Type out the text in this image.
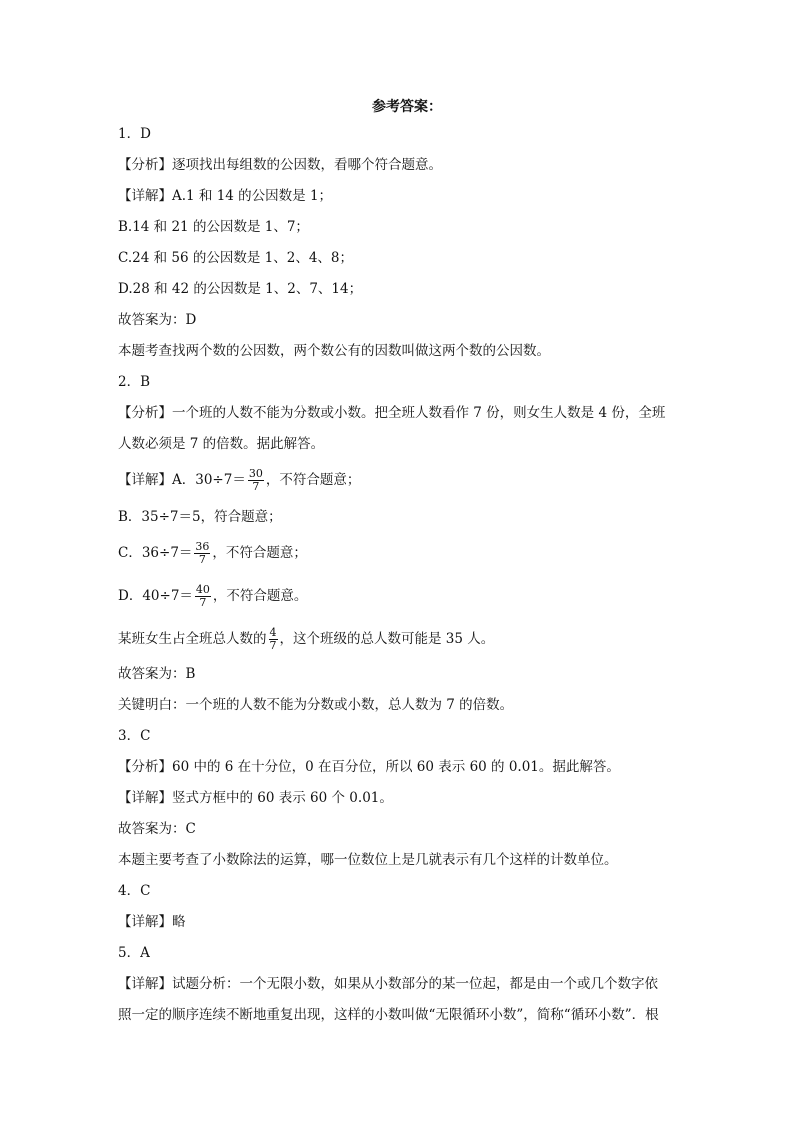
参考答案：
1．D
【分析】逐项找出每组数的公因数，看哪个符合题意。
【详解】A.1 和 14 的公因数是 1；
B.14 和 21 的公因数是 1、7；
C.24 和 56 的公因数是 1、2、4、8；
D.28 和 42 的公因数是 1、2、7、14；
故答案为：D
本题考查找两个数的公因数，两个数公有的因数叫做这两个数的公因数。
2．B
【分析】一个班的人数不能为分数或小数。把全班人数看作 7 份，则女生人数是 4 份，全班
人数必须是 7 的倍数。据此解答。
【详解】A．$30\div 7= \frac{30}{7}$ ，不符合题意；
B．35÷7＝5，符合题意；
C．$36\div 7= \frac{36}{7}$ ，不符合题意；
D．$40\div 7= \frac{40}{7}$ ，不符合题意。
某班女生占全班总人数的 $\frac{4}{7}$ ，这个班级的总人数可能是 35 人。
故答案为：B
关键明白：一个班的人数不能为分数或小数，总人数为 7 的倍数。
3．C
【分析】60 中的 6 在十分位，0 在百分位，所以 60 表示 60 的 0.01。据此解答。
【详解】竖式方框中的 60 表示 60 个 0.01。
故答案为：C
本题主要考查了小数除法的运算，哪一位数位上是几就表示有几个这样的计数单位。
4．C
【详解】略
5．A
【详解】试题分析：一个无限小数，如果从小数部分的某一位起，都是由一个或几个数字依
照一定的顺序连续不断地重复出现，这样的小数叫做“无限循环小数”，简称“循环小数”．根
